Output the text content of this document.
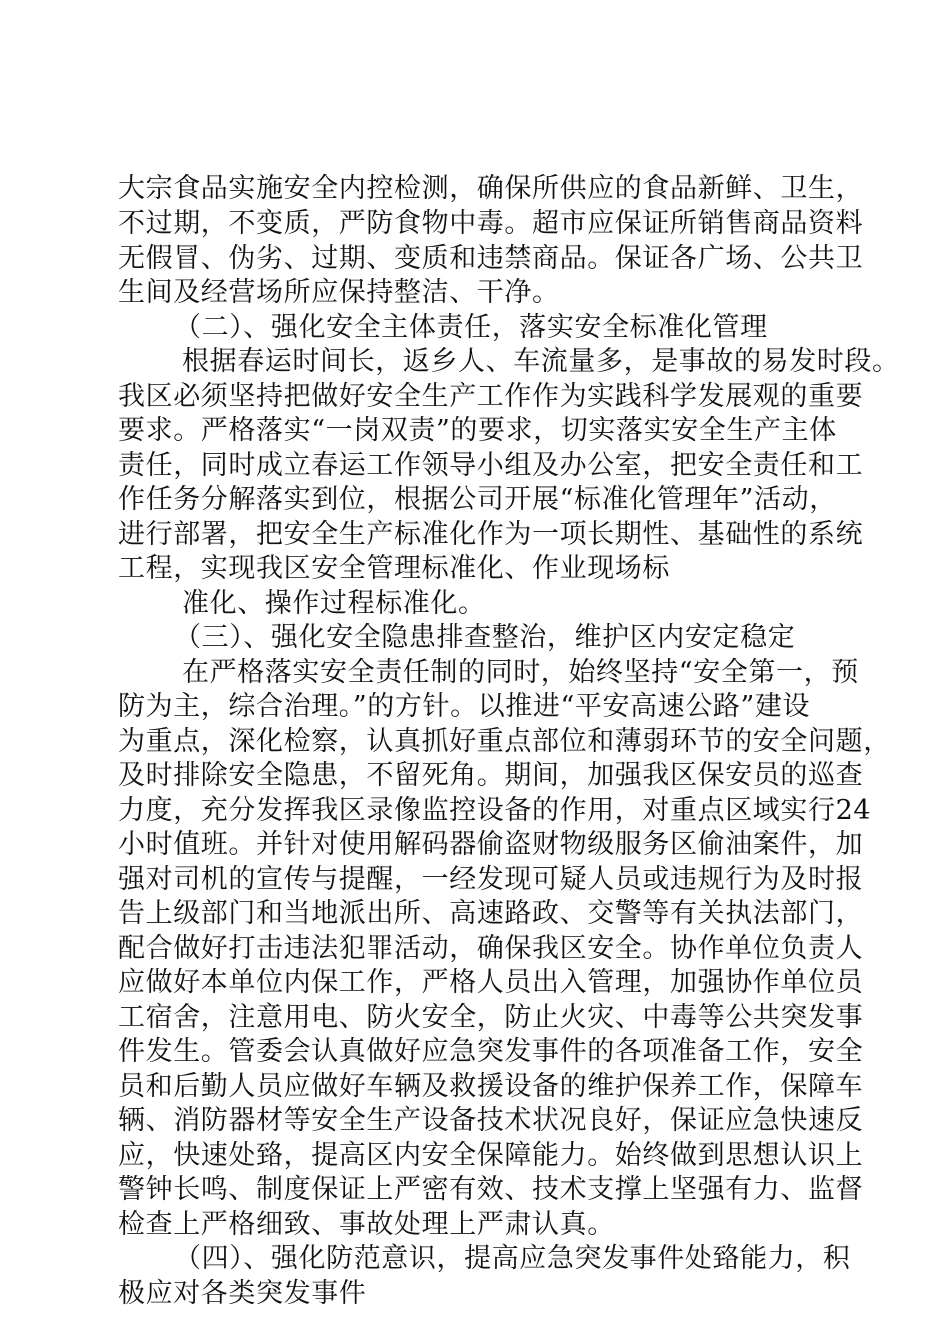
大宗食品实施安全内控检测，确保所供应的食品新鲜、卫生，
不过期，不变质，严防食物中毒。超市应保证所销售商品资料
无假冒、伪劣、过期、变质和违禁商品。保证各广场、公共卫
生间及经营场所应保持整洁、干净。
（二）、强化安全主体责任，落实安全标准化管理
根据春运时间长，返乡人、车流量多，是事故的易发时段。
我区必须坚持把做好安全生产工作作为实践科学发展观的重要
要求。严格落实“一岗双责”的要求，切实落实安全生产主体
责任，同时成立春运工作领导小组及办公室，把安全责任和工
作任务分解落实到位，根据公司开展“标准化管理年”活动，
进行部署，把安全生产标准化作为一项长期性、基础性的系统
工程，实现我区安全管理标准化、作业现场标
准化、操作过程标准化。
（三）、强化安全隐患排查整治，维护区内安定稳定
在严格落实安全责任制的同时，始终坚持“安全第一，预
防为主，综合治理。”的方针。以推进“平安高速公路”建设
为重点，深化检察，认真抓好重点部位和薄弱环节的安全问题，
及时排除安全隐患，不留死角。期间，加强我区保安员的巡查
力度，充分发挥我区录像监控设备的作用，对重点区域实行24
小时值班。并针对使用解码器偷盗财物级服务区偷油案件，加
强对司机的宣传与提醒，一经发现可疑人员或违规行为及时报
告上级部门和当地派出所、高速路政、交警等有关执法部门，
配合做好打击违法犯罪活动，确保我区安全。协作单位负责人
应做好本单位内保工作，严格人员出入管理，加强协作单位员
工宿舍，注意用电、防火安全，防止火灾、中毒等公共突发事
件发生。管委会认真做好应急突发事件的各项准备工作，安全
员和后勤人员应做好车辆及救援设备的维护保养工作，保障车
辆、消防器材等安全生产设备技术状况良好，保证应急快速反
应，快速处臵，提高区内安全保障能力。始终做到思想认识上
警钟长鸣、制度保证上严密有效、技术支撑上坚强有力、监督
检查上严格细致、事故处理上严肃认真。
（四）、强化防范意识，提高应急突发事件处臵能力，积
极应对各类突发事件
